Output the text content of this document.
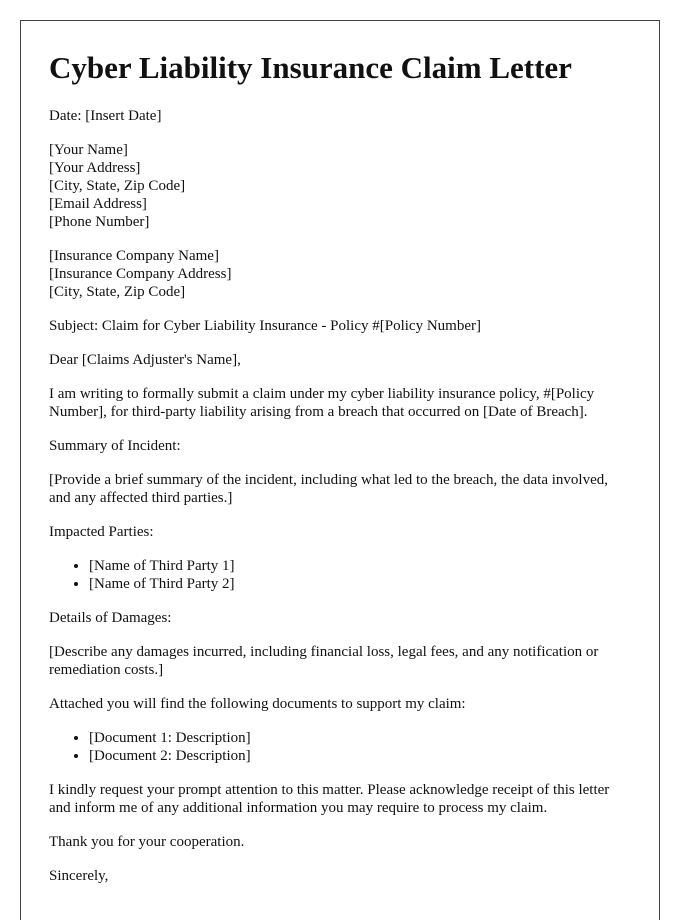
Cyber Liability Insurance Claim Letter

Date: [Insert Date]

[Your Name]
[Your Address]
[City, State, Zip Code]
[Email Address]
[Phone Number]
[Insurance Company Name]
[Insurance Company Address]
[City, State, Zip Code]

Subject: Claim for Cyber Liability Insurance - Policy #[Policy Number]

Dear [Claims Adjuster's Name],

I am writing to formally submit a claim under my cyber liability insurance policy, #[Policy Number], for third-party liability arising from a breach that occurred on [Date of Breach].

Summary of Incident:

[Provide a brief summary of the incident, including what led to the breach, the data involved, and any affected third parties.]

Impacted Parties:

• [Name of Third Party 1]
• [Name of Third Party 2]

Details of Damages:

[Describe any damages incurred, including financial loss, legal fees, and any notification or remediation costs.]

Attached you will find the following documents to support my claim:

• [Document 1: Description]
• [Document 2: Description]

I kindly request your prompt attention to this matter. Please acknowledge receipt of this letter and inform me of any additional information you may require to process my claim.

Thank you for your cooperation.

Sincerely,
